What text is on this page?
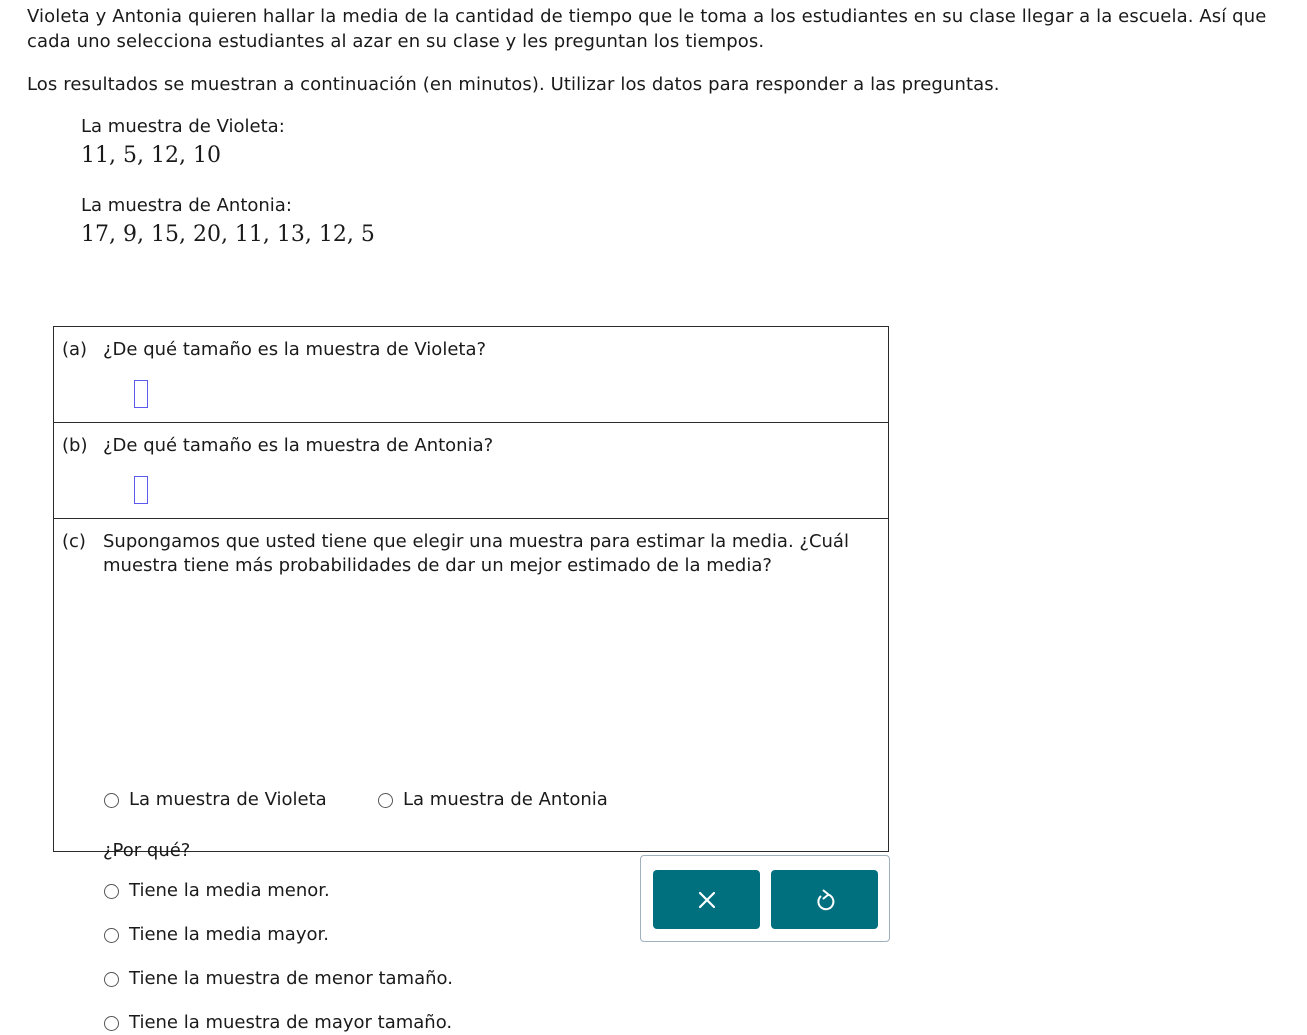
Violeta y Antonia quieren hallar la media de la cantidad de tiempo que le toma a los estudiantes en su clase llegar a la escuela. Así que cada uno selecciona estudiantes al azar en su clase y les preguntan los tiempos.

Los resultados se muestran a continuación (en minutos). Utilizar los datos para responder a las preguntas.

La muestra de Violeta:

11, 5, 12, 10

La muestra de Antonia:

17, 9, 15, 20, 11, 13, 12, 5

(a) ¿De qué tamaño es la muestra de Violeta?
(b) ¿De qué tamaño es la muestra de Antonia?
(c) Supongamos que usted tiene que elegir una muestra para estimar la media. ¿Cuál muestra tiene más probabilidades de dar un mejor estimado de la media?
La muestra de Violeta	La muestra de Antonia
¿Por qué?
Tiene la media menor.
Tiene la media mayor.
Tiene la muestra de menor tamaño.
Tiene la muestra de mayor tamaño.
